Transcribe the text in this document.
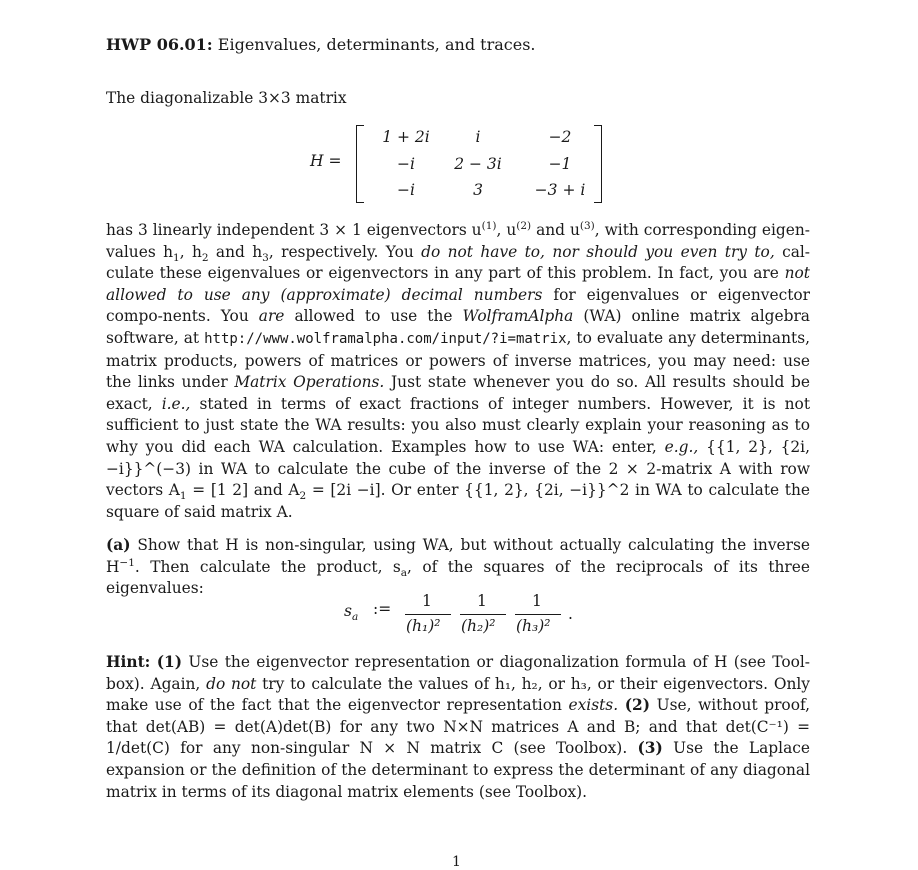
HWP 06.01: Eigenvalues, determinants, and traces.

The diagonalizable 3×3 matrix

H =
1 + 2i	i	−2
−i	2 − 3i	−1
−i	3	−3 + i

has 3 linearly independent 3 × 1 eigenvectors $u^{(1)}$, $u^{(2)}$ and $u^{(3)}$, with corresponding eigen-values $h_1$, $h_2$ and $h_3$, respectively. You do not have to, nor should you even try to, cal-culate these eigenvalues or eigenvectors in any part of this problem. In fact, you are not allowed to use any (approximate) decimal numbers for eigenvalues or eigenvector compo-nents. You are allowed to use the WolframAlpha (WA) online matrix algebra software, at http://www.wolframalpha.com/input/?i=matrix, to evaluate any determinants, matrix products, powers of matrices or powers of inverse matrices, you may need: use the links under Matrix Operations. Just state whenever you do so. All results should be exact, i.e., stated in terms of exact fractions of integer numbers. However, it is not sufficient to just state the WA results: you also must clearly explain your reasoning as to why you did each WA calculation. Examples how to use WA: enter, e.g., {{1, 2}, {2i, −i}}^(−3) in WA to calculate the cube of the inverse of the 2 × 2-matrix A with row vectors $A_1 = [1$ 2] and $A_2 = [2i -i]$. Or enter {{1, 2}, {2i, −i}}^2 in WA to calculate the square of said matrix A.

(a) Show that H is non-singular, using WA, but without actually calculating the inverse $H^{-1}$. Then calculate the product, $s_a$, of the squares of the reciprocals of its three eigenvalues:

$s_a$ := 1
(h₁)²
1
(h₂)²
1
(h₃)²
.

Hint: (1) Use the eigenvector representation or diagonalization formula of H (see Tool-box). Again, do not try to calculate the values of h₁, h₂, or h₃, or their eigenvectors. Only make use of the fact that the eigenvector representation exists. (2) Use, without proof, that det(AB) = det(A)det(B) for any two N×N matrices A and B; and that det(C⁻¹) = 1/det(C) for any non-singular N × N matrix C (see Toolbox). (3) Use the Laplace expansion or the definition of the determinant to express the determinant of any diagonal matrix in terms of its diagonal matrix elements (see Toolbox).

1
